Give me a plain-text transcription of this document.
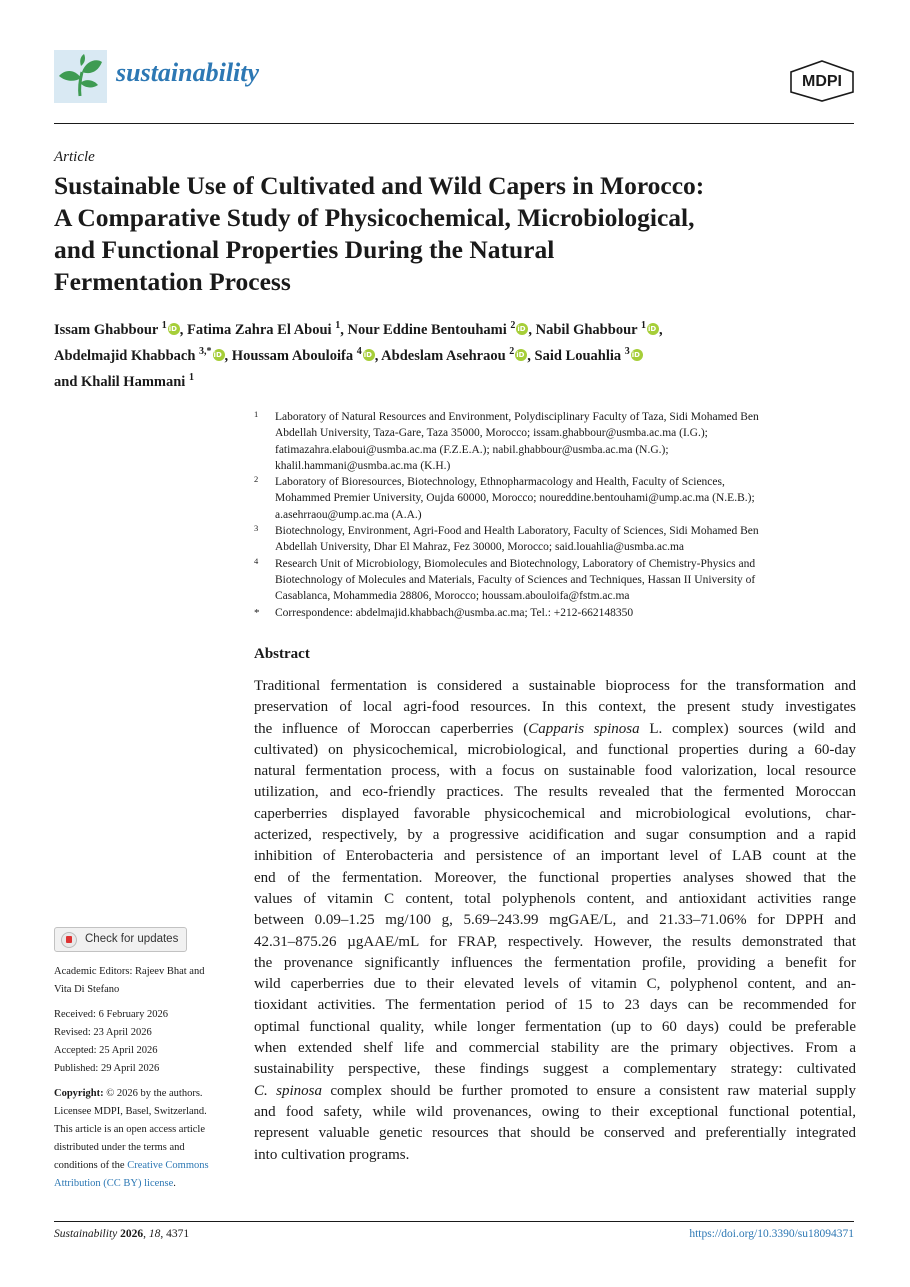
sustainability	MDPI
Article
Sustainable Use of Cultivated and Wild Capers in Morocco:
A Comparative Study of Physicochemical, Microbiological,
and Functional Properties During the Natural
Fermentation Process
Issam Ghabbour $^1$ iD , Fatima Zahra El Aboui $^1$, Nour Eddine Bentouhami $^2$ iD , Nabil Ghabbour $^1$ iD ,
Abdelmajid Khabbach $^{3,*}$ iD , Houssam Abouloifa $^4$ iD , Abdeslam Asehraou $^2$ iD , Said Louahlia $^3$iD
and Khalil Hammani $^1$
1 Laboratory of Natural Resources and Environment, Polydisciplinary Faculty of Taza, Sidi Mohamed Ben
Abdellah University, Taza-Gare, Taza 35000, Morocco; issam.ghabbour@usmba.ac.ma (I.G.);
fatimazahra.elaboui@usmba.ac.ma (F.Z.E.A.); nabil.ghabbour@usmba.ac.ma (N.G.);
khalil.hammani@usmba.ac.ma (K.H.)
2 Laboratory of Bioresources, Biotechnology, Ethnopharmacology and Health, Faculty of Sciences,
Mohammed Premier University, Oujda 60000, Morocco; noureddine.bentouhami@ump.ac.ma (N.E.B.);
a.asehrraou@ump.ac.ma (A.A.)
3 Biotechnology, Environment, Agri-Food and Health Laboratory, Faculty of Sciences, Sidi Mohamed Ben
Abdellah University, Dhar El Mahraz, Fez 30000, Morocco; said.louahlia@usmba.ac.ma
4 Research Unit of Microbiology, Biomolecules and Biotechnology, Laboratory of Chemistry-Physics and
Biotechnology of Molecules and Materials, Faculty of Sciences and Techniques, Hassan II University of
Casablanca, Mohammedia 28806, Morocco; houssam.abouloifa@fstm.ac.ma
* Correspondence: abdelmajid.khabbach@usmba.ac.ma; Tel.: +212-662148350
Abstract
Traditional fermentation is considered a sustainable bioprocess for the transformation and
preservation of local agri-food resources. In this context, the present study investigates
the influence of Moroccan caperberries (Capparis spinosa L. complex) sources (wild and
cultivated) on physicochemical, microbiological, and functional properties during a 60-day
natural fermentation process, with a focus on sustainable food valorization, local resource
utilization, and eco-friendly practices. The results revealed that the fermented Moroccan
caperberries displayed favorable physicochemical and microbiological evolutions, char-
acterized, respectively, by a progressive acidification and sugar consumption and a rapid
inhibition of Enterobacteria and persistence of an important level of LAB count at the
end of the fermentation. Moreover, the functional properties analyses showed that the
values of vitamin C content, total polyphenols content, and antioxidant activities range
between 0.09–1.25 mg/100 g, 5.69–243.99 mgGAE/L, and 21.33–71.06% for DPPH and
42.31–875.26 µgAAE/mL for FRAP, respectively. However, the results demonstrated that
the provenance significantly influences the fermentation profile, providing a benefit for
wild caperberries due to their elevated levels of vitamin C, polyphenol content, and an-
tioxidant activities. The fermentation period of 15 to 23 days can be recommended for
optimal functional quality, while longer fermentation (up to 60 days) could be preferable
when extended shelf life and commercial stability are the primary objectives. From a
sustainability perspective, these findings suggest a complementary strategy: cultivated
C. spinosa complex should be further promoted to ensure a consistent raw material supply
and food safety, while wild provenances, owing to their exceptional functional potential,
represent valuable genetic resources that should be conserved and preferentially integrated
into cultivation programs.
Check for updates
Academic Editors: Rajeev Bhat and
Vita Di Stefano
Received: 6 February 2026
Revised: 23 April 2026
Accepted: 25 April 2026
Published: 29 April 2026
Copyright: © 2026 by the authors.
Licensee MDPI, Basel, Switzerland.
This article is an open access article
distributed under the terms and
conditions of the Creative Commons
Attribution (CC BY) license.
Sustainability 2026, 18, 4371	https://doi.org/10.3390/su18094371
